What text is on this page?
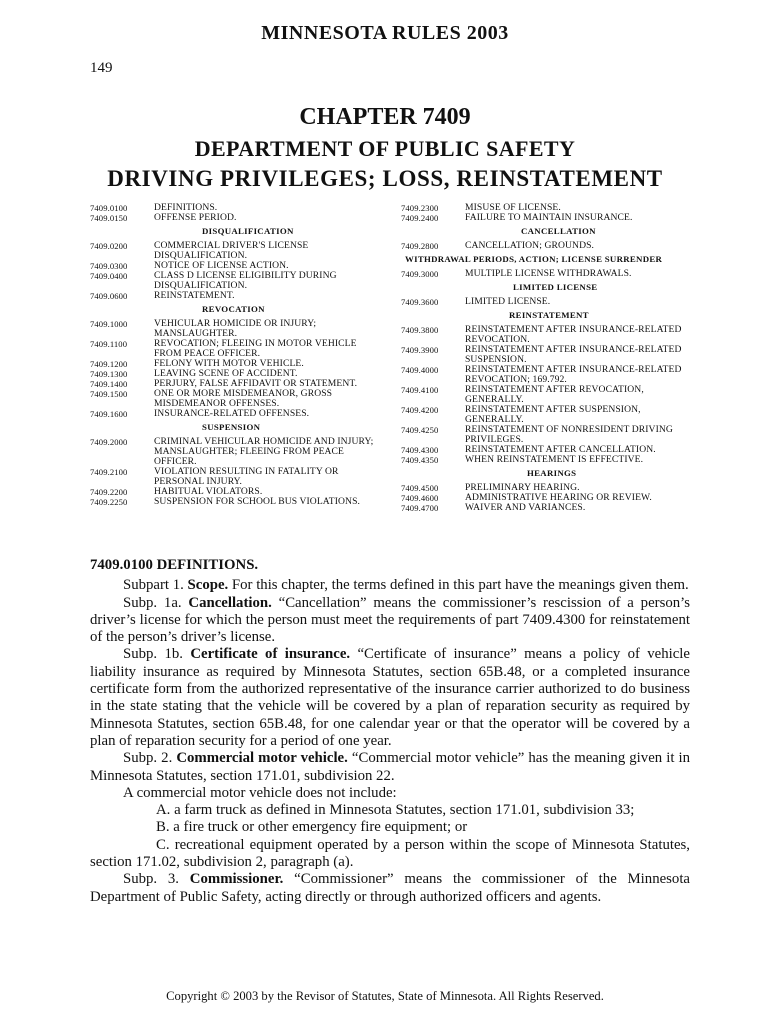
MINNESOTA RULES 2003
149
CHAPTER 7409
DEPARTMENT OF PUBLIC SAFETY
DRIVING PRIVILEGES; LOSS, REINSTATEMENT
7409.0100	DEFINITIONS.
7409.0150	OFFENSE PERIOD.
DISQUALIFICATION
7409.0200	COMMERCIAL DRIVER'S LICENSE DISQUALIFICATION.
7409.0300	NOTICE OF LICENSE ACTION.
7409.0400	CLASS D LICENSE ELIGIBILITY DURING DISQUALIFICATION.
7409.0600	REINSTATEMENT.
REVOCATION
7409.1000	VEHICULAR HOMICIDE OR INJURY; MANSLAUGHTER.
7409.1100	REVOCATION; FLEEING IN MOTOR VEHICLE FROM PEACE OFFICER.
7409.1200	FELONY WITH MOTOR VEHICLE.
7409.1300	LEAVING SCENE OF ACCIDENT.
7409.1400	PERJURY, FALSE AFFIDAVIT OR STATEMENT.
7409.1500	ONE OR MORE MISDEMEANOR, GROSS MISDEMEANOR OFFENSES.
7409.1600	INSURANCE-RELATED OFFENSES.
SUSPENSION
7409.2000	CRIMINAL VEHICULAR HOMICIDE AND INJURY; MANSLAUGHTER; FLEEING FROM PEACE OFFICER.
7409.2100	VIOLATION RESULTING IN FATALITY OR PERSONAL INJURY.
7409.2200	HABITUAL VIOLATORS.
7409.2250	SUSPENSION FOR SCHOOL BUS VIOLATIONS.
7409.2300	MISUSE OF LICENSE.
7409.2400	FAILURE TO MAINTAIN INSURANCE.
CANCELLATION
7409.2800	CANCELLATION; GROUNDS.
WITHDRAWAL PERIODS, ACTION; LICENSE SURRENDER
7409.3000	MULTIPLE LICENSE WITHDRAWALS.
LIMITED LICENSE
7409.3600	LIMITED LICENSE.
REINSTATEMENT
7409.3800	REINSTATEMENT AFTER INSURANCE-RELATED REVOCATION.
7409.3900	REINSTATEMENT AFTER INSURANCE-RELATED SUSPENSION.
7409.4000	REINSTATEMENT AFTER INSURANCE-RELATED REVOCATION; 169.792.
7409.4100	REINSTATEMENT AFTER REVOCATION, GENERALLY.
7409.4200	REINSTATEMENT AFTER SUSPENSION, GENERALLY.
7409.4250	REINSTATEMENT OF NONRESIDENT DRIVING PRIVILEGES.
7409.4300	REINSTATEMENT AFTER CANCELLATION.
7409.4350	WHEN REINSTATEMENT IS EFFECTIVE.
HEARINGS
7409.4500	PRELIMINARY HEARING.
7409.4600	ADMINISTRATIVE HEARING OR REVIEW.
7409.4700	WAIVER AND VARIANCES.
7409.0100 DEFINITIONS.

Subpart 1. Scope. For this chapter, the terms defined in this part have the meanings given them.

Subp. 1a. Cancellation. “Cancellation” means the commissioner’s rescission of a person’s driver’s license for which the person must meet the requirements of part 7409.4300 for reinstatement of the person’s driver’s license.

Subp. 1b. Certificate of insurance. “Certificate of insurance” means a policy of vehicle liability insurance as required by Minnesota Statutes, section 65B.48, or a completed insurance certificate form from the authorized representative of the insurance carrier authorized to do business in the state stating that the vehicle will be covered by a plan of reparation security as required by Minnesota Statutes, section 65B.48, for one calendar year or that the operator will be covered by a plan of reparation security for a period of one year.

Subp. 2. Commercial motor vehicle. “Commercial motor vehicle” has the meaning given it in Minnesota Statutes, section 171.01, subdivision 22.

A commercial motor vehicle does not include:

A. a farm truck as defined in Minnesota Statutes, section 171.01, subdivision 33;

B. a fire truck or other emergency fire equipment; or

C. recreational equipment operated by a person within the scope of Minnesota Statutes, section 171.02, subdivision 2, paragraph (a).

Subp. 3. Commissioner. “Commissioner” means the commissioner of the Minnesota Department of Public Safety, acting directly or through authorized officers and agents.

Copyright © 2003 by the Revisor of Statutes, State of Minnesota. All Rights Reserved.
